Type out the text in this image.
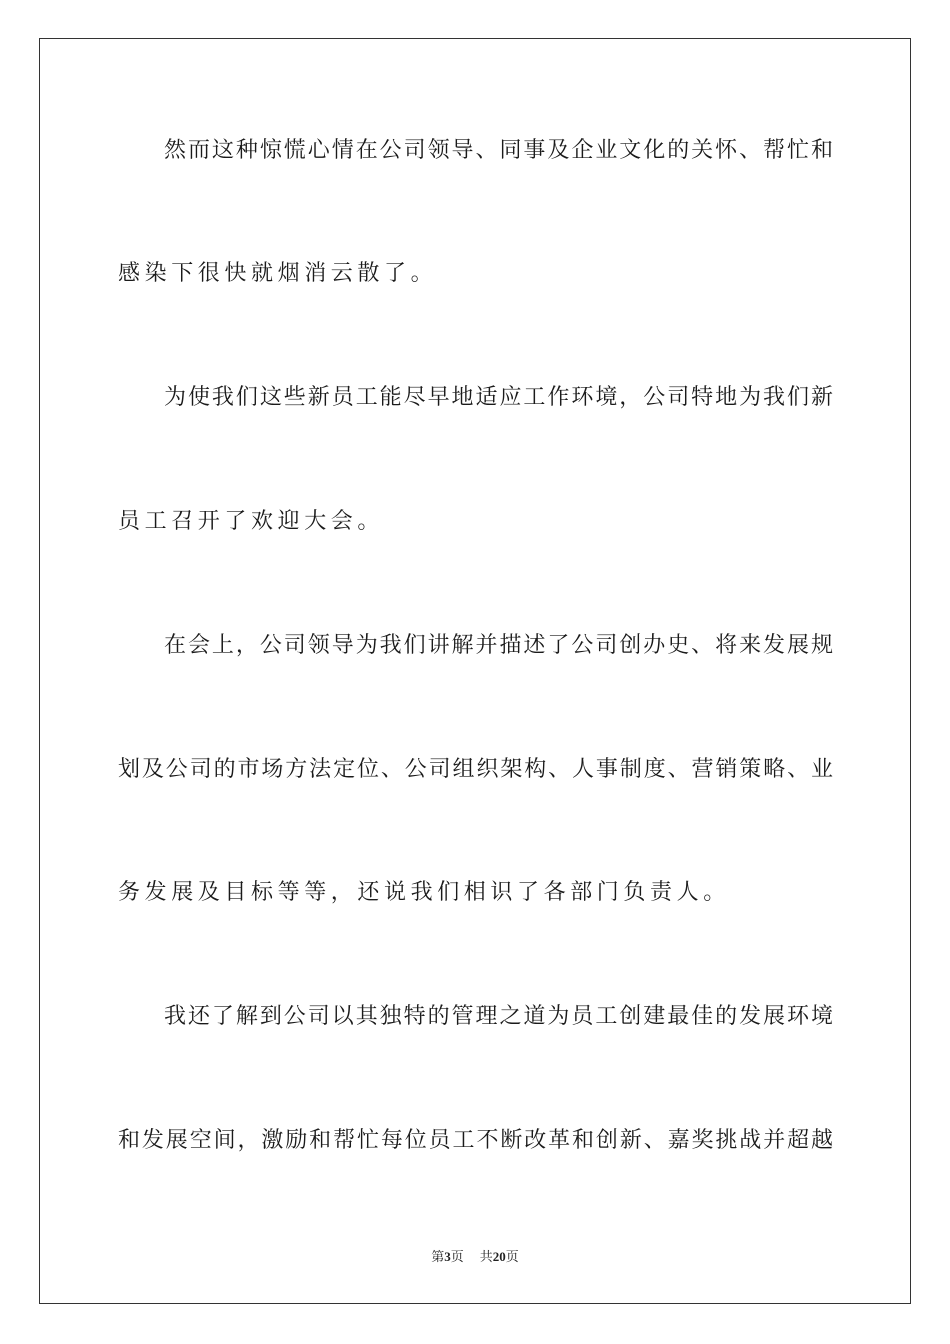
然而这种惊慌心情在公司领导、同事及企业文化的关怀、帮忙和
感染下很快就烟消云散了。
为使我们这些新员工能尽早地适应工作环境，公司特地为我们新
员工召开了欢迎大会。
在会上，公司领导为我们讲解并描述了公司创办史、将来发展规
划及公司的市场方法定位、公司组织架构、人事制度、营销策略、业
务发展及目标等等，还说我们相识了各部门负责人。
我还了解到公司以其独特的管理之道为员工创建最佳的发展环境
和发展空间，激励和帮忙每位员工不断改革和创新、嘉奖挑战并超越
第3页 共20页
